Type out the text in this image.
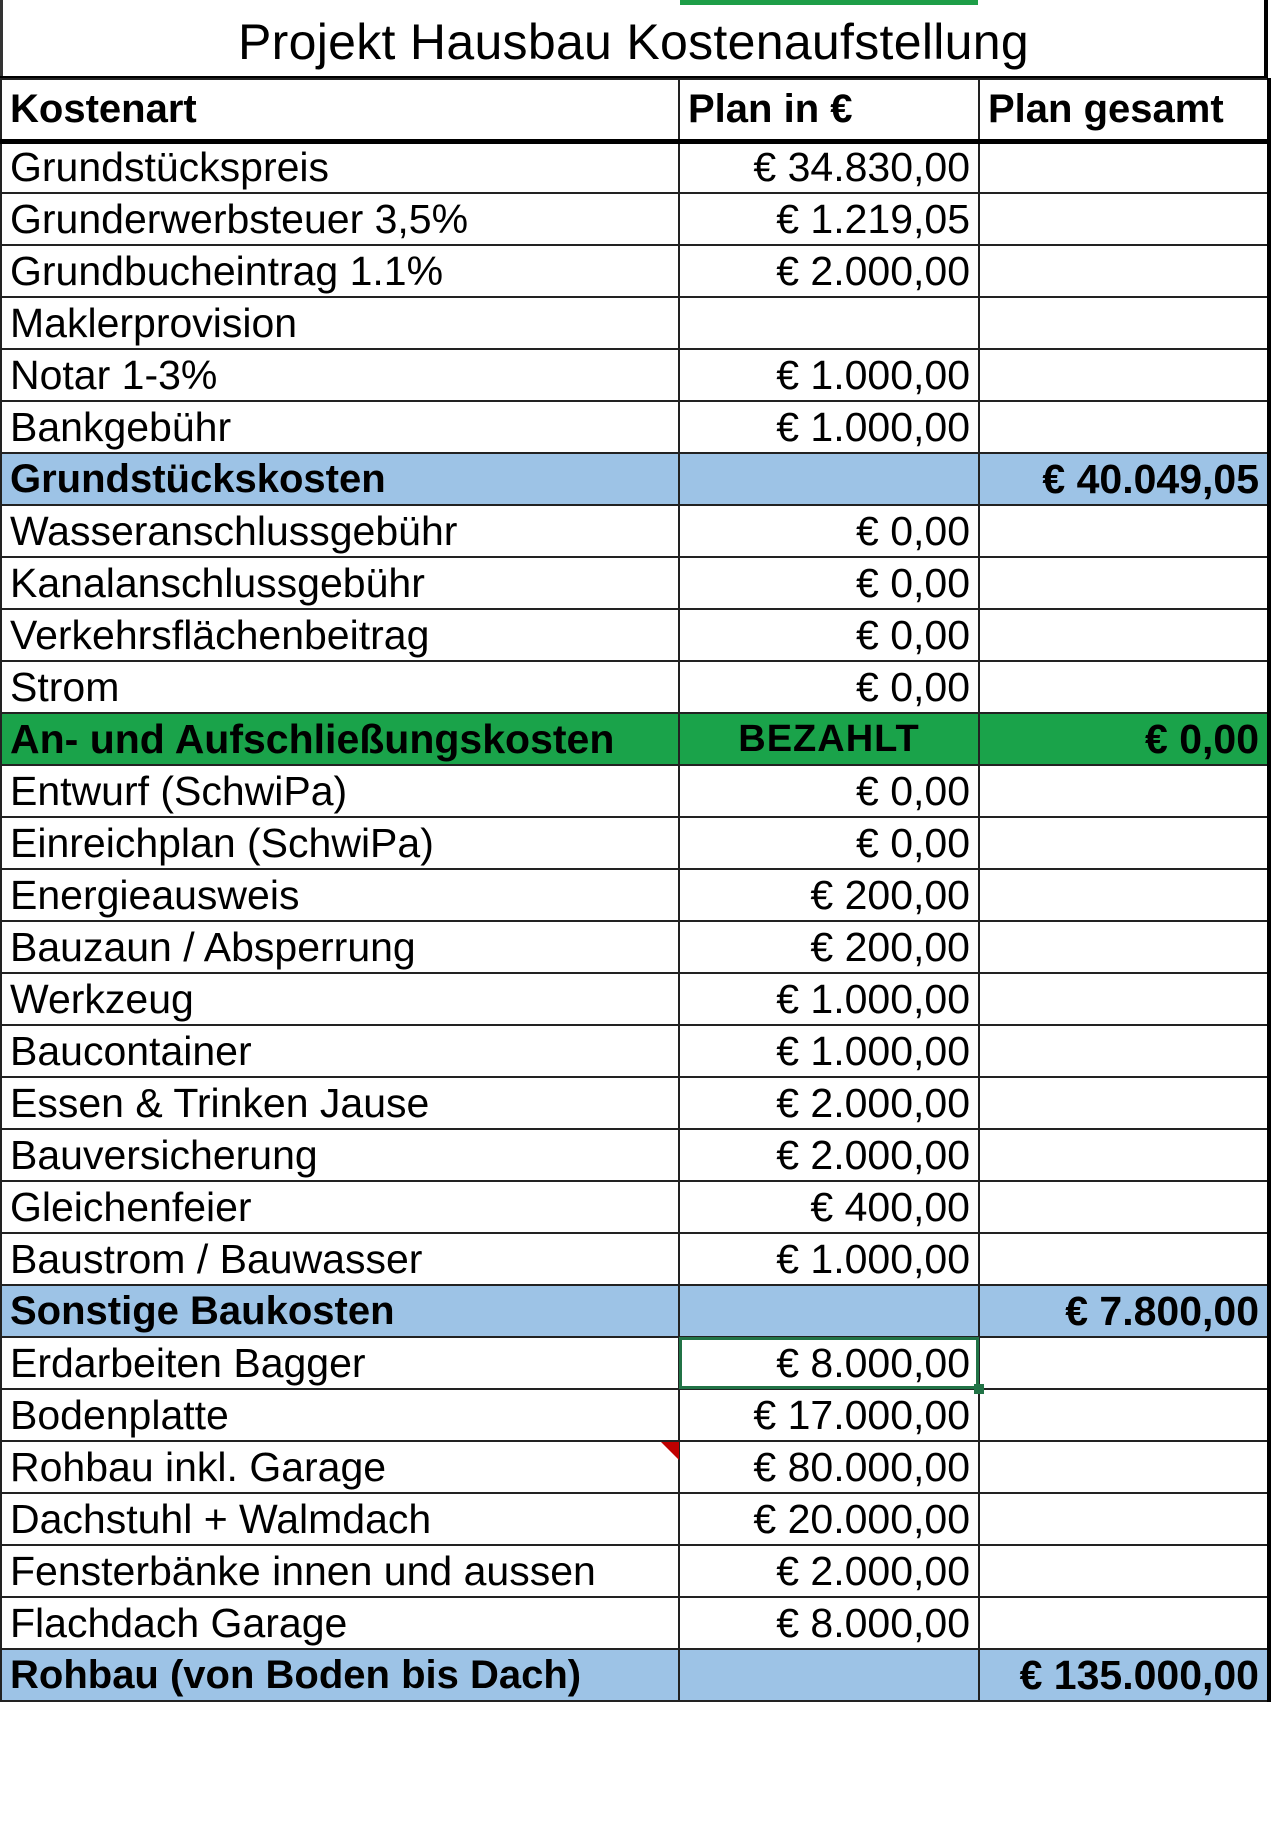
Projekt Hausbau Kostenaufstellung
Kostenart	Plan in €	Plan gesamt
Grundstückspreis	€ 34.830,00	
Grunderwerbsteuer 3,5%	€ 1.219,05	
Grundbucheintrag 1.1%	€ 2.000,00	
Maklerprovision		
Notar 1-3%	€ 1.000,00	
Bankgebühr	€ 1.000,00	
Grundstückskosten		€ 40.049,05
Wasseranschlussgebühr	€ 0,00	
Kanalanschlussgebühr	€ 0,00	
Verkehrsflächenbeitrag	€ 0,00	
Strom	€ 0,00	
An- und Aufschließungskosten	BEZAHLT	€ 0,00
Entwurf (SchwiPa)	€ 0,00	
Einreichplan (SchwiPa)	€ 0,00	
Energieausweis	€ 200,00	
Bauzaun / Absperrung	€ 200,00	
Werkzeug	€ 1.000,00	
Baucontainer	€ 1.000,00	
Essen & Trinken Jause	€ 2.000,00	
Bauversicherung	€ 2.000,00	
Gleichenfeier	€ 400,00	
Baustrom / Bauwasser	€ 1.000,00	
Sonstige Baukosten		€ 7.800,00
Erdarbeiten Bagger	€ 8.000,00	
Bodenplatte	€ 17.000,00	
Rohbau inkl. Garage	€ 80.000,00	
Dachstuhl + Walmdach	€ 20.000,00	
Fensterbänke innen und aussen	€ 2.000,00	
Flachdach Garage	€ 8.000,00	
Rohbau (von Boden bis Dach)		€ 135.000,00
